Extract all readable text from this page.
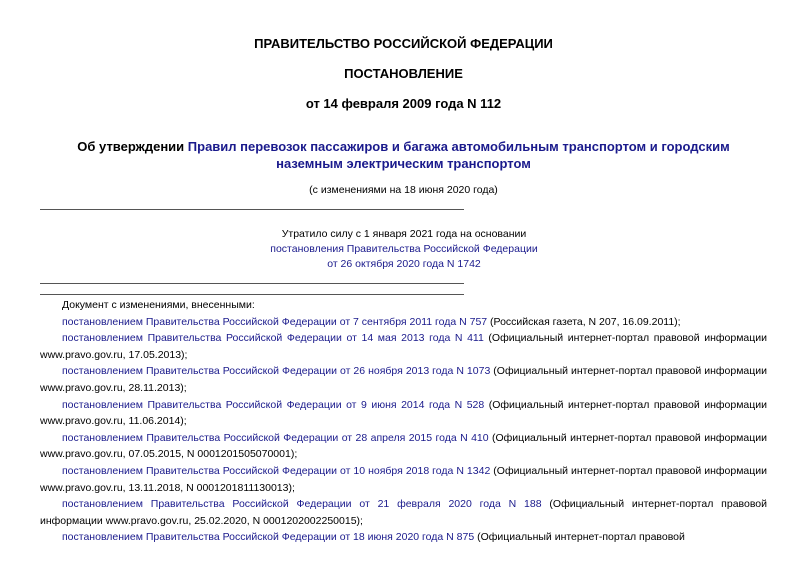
ПРАВИТЕЛЬСТВО РОССИЙСКОЙ ФЕДЕРАЦИИ
ПОСТАНОВЛЕНИЕ
от 14 февраля 2009 года N 112
Об утверждении Правил перевозок пассажиров и багажа автомобильным транспортом и городским наземным электрическим транспортом
(с изменениями на 18 июня 2020 года)
Утратило силу с 1 января 2021 года на основании
постановления Правительства Российской Федерации
от 26 октября 2020 года N 1742
Документ с изменениями, внесенными:

постановлением Правительства Российской Федерации от 7 сентября 2011 года N 757 (Российская газета, N 207, 16.09.2011);

постановлением Правительства Российской Федерации от 14 мая 2013 года N 411 (Официальный интернет-портал правовой информации www.pravo.gov.ru, 17.05.2013);

постановлением Правительства Российской Федерации от 26 ноября 2013 года N 1073 (Официальный интернет-портал правовой информации www.pravo.gov.ru, 28.11.2013);

постановлением Правительства Российской Федерации от 9 июня 2014 года N 528 (Официальный интернет-портал правовой информации www.pravo.gov.ru, 11.06.2014);

постановлением Правительства Российской Федерации от 28 апреля 2015 года N 410 (Официальный интернет-портал правовой информации www.pravo.gov.ru, 07.05.2015, N 0001201505070001);

постановлением Правительства Российской Федерации от 10 ноября 2018 года N 1342 (Официальный интернет-портал правовой информации www.pravo.gov.ru, 13.11.2018, N 0001201811130013);

постановлением Правительства Российской Федерации от 21 февраля 2020 года N 188 (Официальный интернет-портал правовой информации www.pravo.gov.ru, 25.02.2020, N 0001202002250015);

постановлением Правительства Российской Федерации от 18 июня 2020 года N 875 (Официальный интернет-портал правовой
